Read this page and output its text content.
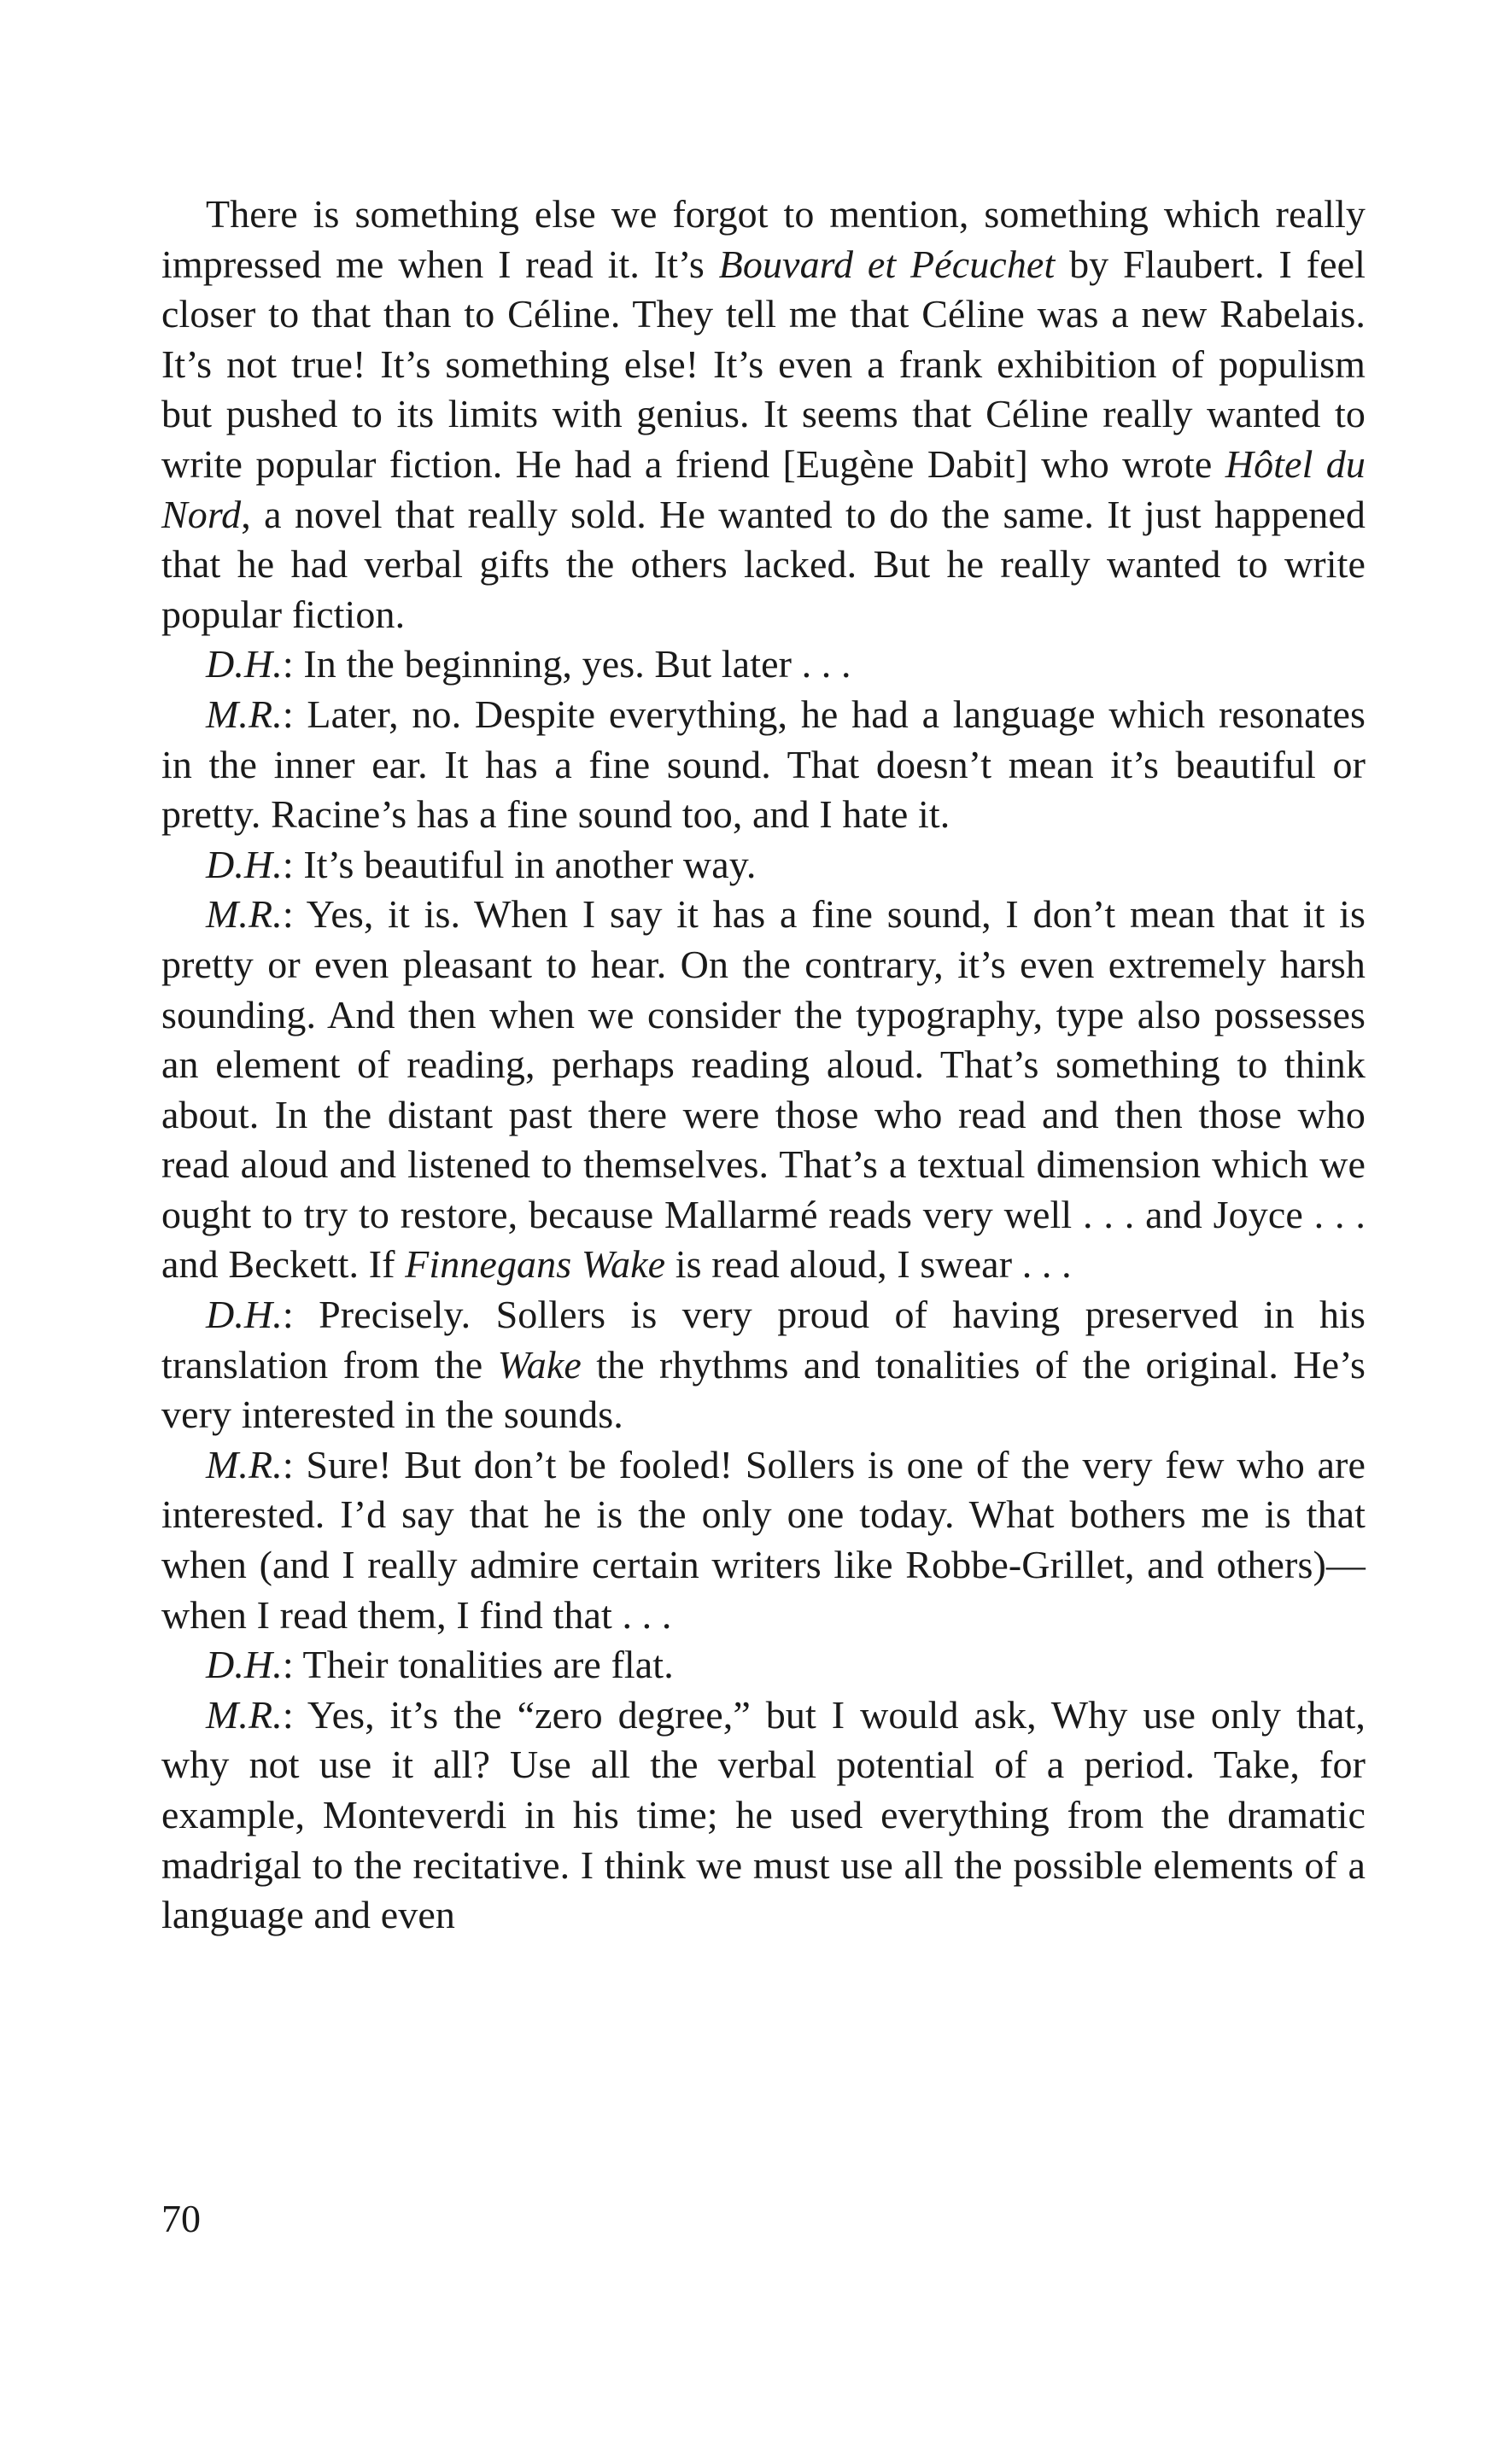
There is something else we forgot to mention, something which really impressed me when I read it. It’s Bouvard et Pécuchet by Flaubert. I feel closer to that than to Céline. They tell me that Céline was a new Rabelais. It’s not true! It’s something else! It’s even a frank exhibition of populism but pushed to its limits with genius. It seems that Céline really wanted to write popular fiction. He had a friend [Eugène Dabit] who wrote Hôtel du Nord, a novel that really sold. He wanted to do the same. It just happened that he had verbal gifts the others lacked. But he really wanted to write popular fiction.

D.H.: In the beginning, yes. But later . . .

M.R.: Later, no. Despite everything, he had a language which resonates in the inner ear. It has a fine sound. That doesn’t mean it’s beautiful or pretty. Racine’s has a fine sound too, and I hate it.

D.H.: It’s beautiful in another way.

M.R.: Yes, it is. When I say it has a fine sound, I don’t mean that it is pretty or even pleasant to hear. On the contrary, it’s even extremely harsh sounding. And then when we consider the typography, type also possesses an element of reading, perhaps reading aloud. That’s something to think about. In the distant past there were those who read and then those who read aloud and listened to themselves. That’s a textual dimension which we ought to try to restore, because Mallarmé reads very well . . . and Joyce . . . and Beckett. If Finnegans Wake is read aloud, I swear . . .

D.H.: Precisely. Sollers is very proud of having preserved in his translation from the Wake the rhythms and tonalities of the original. He’s very interested in the sounds.

M.R.: Sure! But don’t be fooled! Sollers is one of the very few who are interested. I’d say that he is the only one today. What bothers me is that when (and I really admire certain writers like Robbe-Grillet, and others)—when I read them, I find that . . .

D.H.: Their tonalities are flat.

M.R.: Yes, it’s the “zero degree,” but I would ask, Why use only that, why not use it all? Use all the verbal potential of a period. Take, for example, Monteverdi in his time; he used everything from the dramatic madrigal to the recitative. I think we must use all the possible elements of a language and even

70
